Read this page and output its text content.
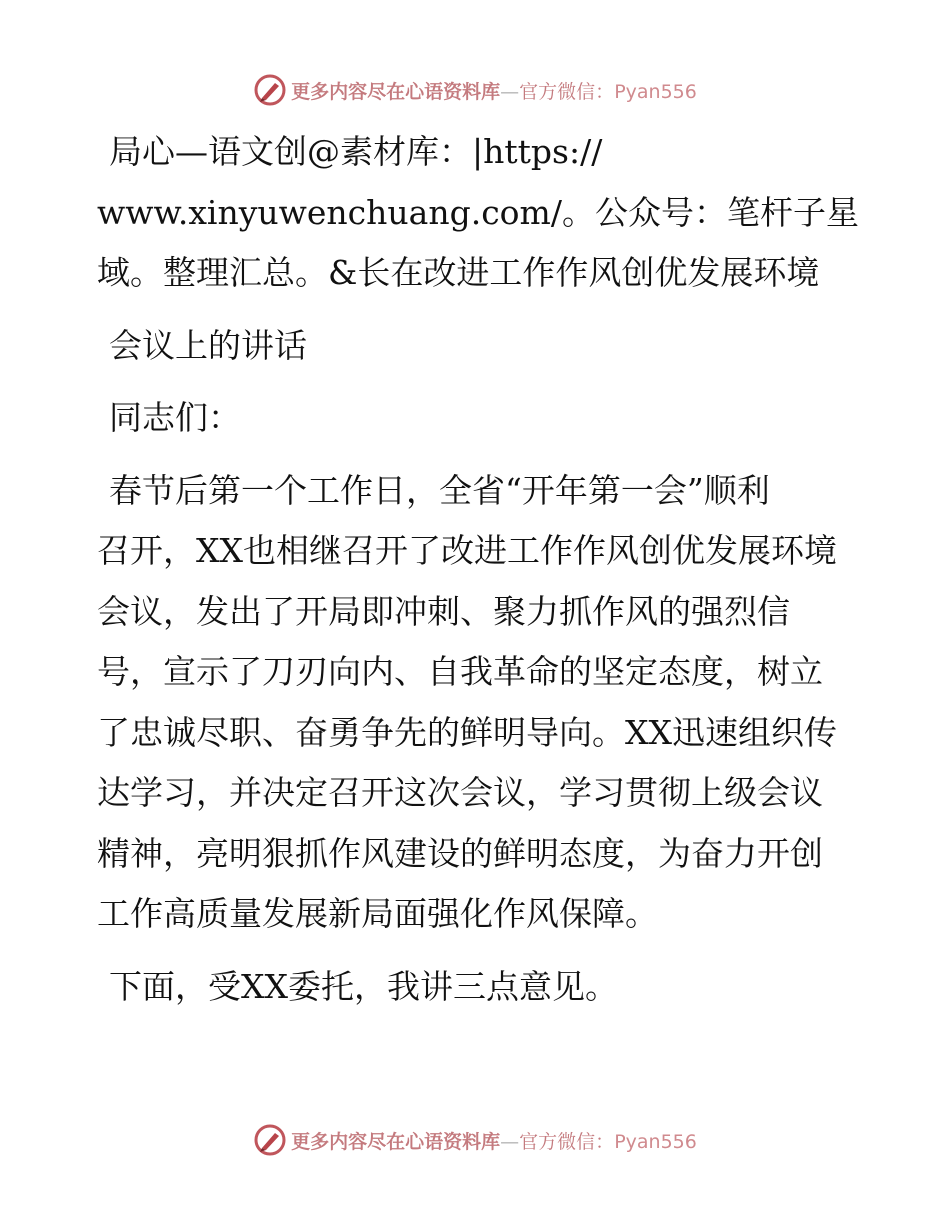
更多内容尽在心语资料库—官方微信：Pyan556

局心—语文创@素材库：|https://
www.xinyuwenchuang.com/。公众号：笔杆子星
域。整理汇总。&长在改进工作作风创优发展环境

会议上的讲话

同志们：

春节后第一个工作日，全省“开年第一会”顺利
召开，XX也相继召开了改进工作作风创优发展环境
会议，发出了开局即冲刺、聚力抓作风的强烈信
号，宣示了刀刃向内、自我革命的坚定态度，树立
了忠诚尽职、奋勇争先的鲜明导向。XX迅速组织传
达学习，并决定召开这次会议，学习贯彻上级会议
精神，亮明狠抓作风建设的鲜明态度，为奋力开创
工作高质量发展新局面强化作风保障。

下面，受XX委托，我讲三点意见。

更多内容尽在心语资料库—官方微信：Pyan556
